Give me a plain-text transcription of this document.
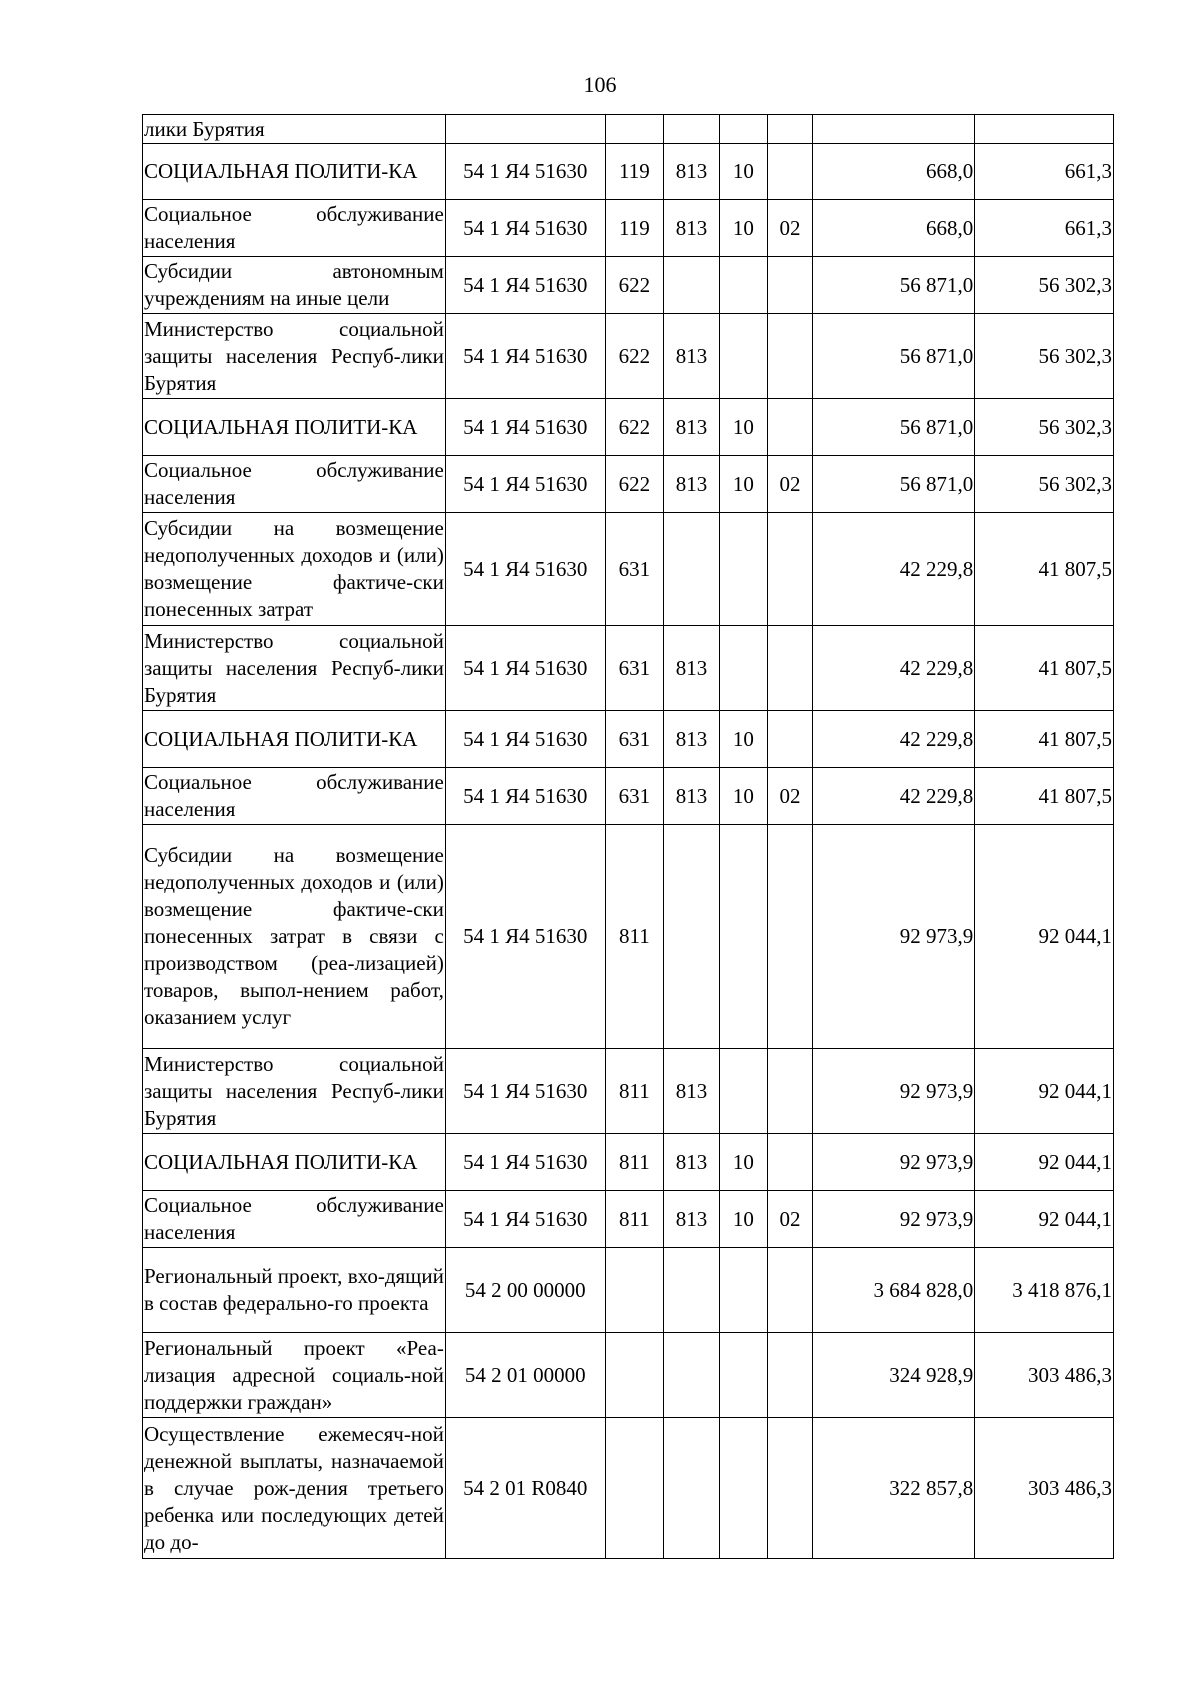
106
лики Бурятия							
СОЦИАЛЬНАЯ ПОЛИТИ-КА	54 1 Я4 51630	119	813	10		668,0	661,3
Социальное обслуживание населения	54 1 Я4 51630	119	813	10	02	668,0	661,3
Субсидии автономным учреждениям на иные цели	54 1 Я4 51630	622				56 871,0	56 302,3
Министерство социальной защиты населения Респуб-лики Бурятия	54 1 Я4 51630	622	813			56 871,0	56 302,3
СОЦИАЛЬНАЯ ПОЛИТИ-КА	54 1 Я4 51630	622	813	10		56 871,0	56 302,3
Социальное обслуживание населения	54 1 Я4 51630	622	813	10	02	56 871,0	56 302,3
Субсидии на возмещение недополученных доходов и (или) возмещение фактиче-ски понесенных затрат	54 1 Я4 51630	631				42 229,8	41 807,5
Министерство социальной защиты населения Респуб-лики Бурятия	54 1 Я4 51630	631	813			42 229,8	41 807,5
СОЦИАЛЬНАЯ ПОЛИТИ-КА	54 1 Я4 51630	631	813	10		42 229,8	41 807,5
Социальное обслуживание населения	54 1 Я4 51630	631	813	10	02	42 229,8	41 807,5
Субсидии на возмещение недополученных доходов и (или) возмещение фактиче-ски понесенных затрат в связи с производством (реа-лизацией) товаров, выпол-нением работ, оказанием услуг	54 1 Я4 51630	811				92 973,9	92 044,1
Министерство социальной защиты населения Респуб-лики Бурятия	54 1 Я4 51630	811	813			92 973,9	92 044,1
СОЦИАЛЬНАЯ ПОЛИТИ-КА	54 1 Я4 51630	811	813	10		92 973,9	92 044,1
Социальное обслуживание населения	54 1 Я4 51630	811	813	10	02	92 973,9	92 044,1
Региональный проект, вхо-дящий в состав федерально-го проекта	54 2 00 00000					3 684 828,0	3 418 876,1
Региональный проект «Реа-лизация адресной социаль-ной поддержки граждан»	54 2 01 00000					324 928,9	303 486,3
Осуществление ежемесяч-ной денежной выплаты, назначаемой в случае рож-дения третьего ребенка или последующих детей до до-	54 2 01 R0840					322 857,8	303 486,3
